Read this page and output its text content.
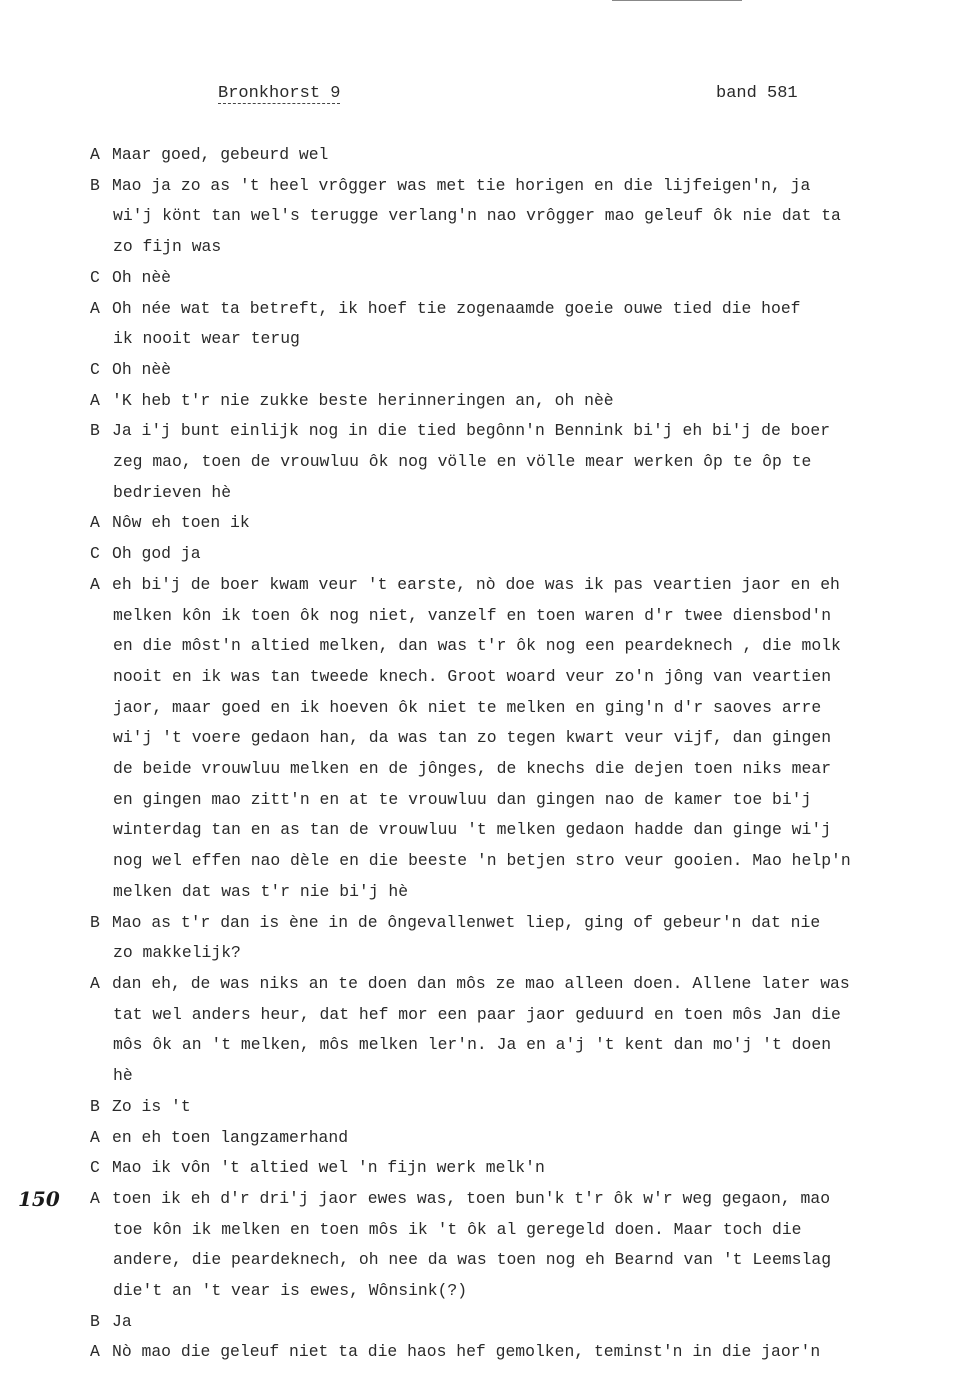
Bronkhorst 9	band 581
A Maar goed, gebeurd wel
B Mao ja zo as 't heel vrôgger was met tie horigen en die lijfeigen'n, ja
wi'j könt tan wel's terugge verlang'n nao vrôgger mao geleuf ôk nie dat ta
zo fijn was
C Oh nèè
A Oh née wat ta betreft, ik hoef tie zogenaamde goeie ouwe tied die hoef
ik nooit wear terug
C Oh nèè
A 'K heb t'r nie zukke beste herinneringen an, oh nèè
B Ja i'j bunt einlijk nog in die tied begônn'n Bennink bi'j eh bi'j de boer
zeg mao, toen de vrouwluu ôk nog völle en völle mear werken ôp te ôp te
bedrieven hè
A Nôw eh toen ik
C Oh god ja
A eh bi'j de boer kwam veur 't earste, nò doe was ik pas veartien jaor en eh
melken kôn ik toen ôk nog niet, vanzelf en toen waren d'r twee diensbod'n
en die môst'n altied melken, dan was t'r ôk nog een peardeknech , die molk
nooit en ik was tan tweede knech. Groot woard veur zo'n jông van veartien
jaor, maar goed en ik hoeven ôk niet te melken en ging'n d'r saoves arre
wi'j 't voere gedaon han, da was tan zo tegen kwart veur vijf, dan gingen
de beide vrouwluu melken en de jônges, de knechs die dejen toen niks mear
en gingen mao zitt'n en at te vrouwluu dan gingen nao de kamer toe bi'j
winterdag tan en as tan de vrouwluu 't melken gedaon hadde dan ginge wi'j
nog wel effen nao dèle en die beeste 'n betjen stro veur gooien. Mao help'n
melken dat was t'r nie bi'j hè
B Mao as t'r dan is ène in de ôngevallenwet liep, ging of gebeur'n dat nie
zo makkelijk?
A dan eh, de was niks an te doen dan môs ze mao alleen doen. Allene later was
tat wel anders heur, dat hef mor een paar jaor geduurd en toen môs Jan die
môs ôk an 't melken, môs melken ler'n. Ja en a'j 't kent dan mo'j 't doen
hè
B Zo is 't
A en eh toen langzamerhand
C Mao ik vôn 't altied wel 'n fijn werk melk'n
150 A toen ik eh d'r dri'j jaor ewes was, toen bun'k t'r ôk w'r weg gegaon, mao
toe kôn ik melken en toen môs ik 't ôk al geregeld doen. Maar toch die
andere, die peardeknech, oh nee da was toen nog eh Bearnd van 't Leemslag
die't an 't vear is ewes, Wônsink(?)
B Ja
A Nò mao die geleuf niet ta die haos hef gemolken, teminst'n in die jaor'n
